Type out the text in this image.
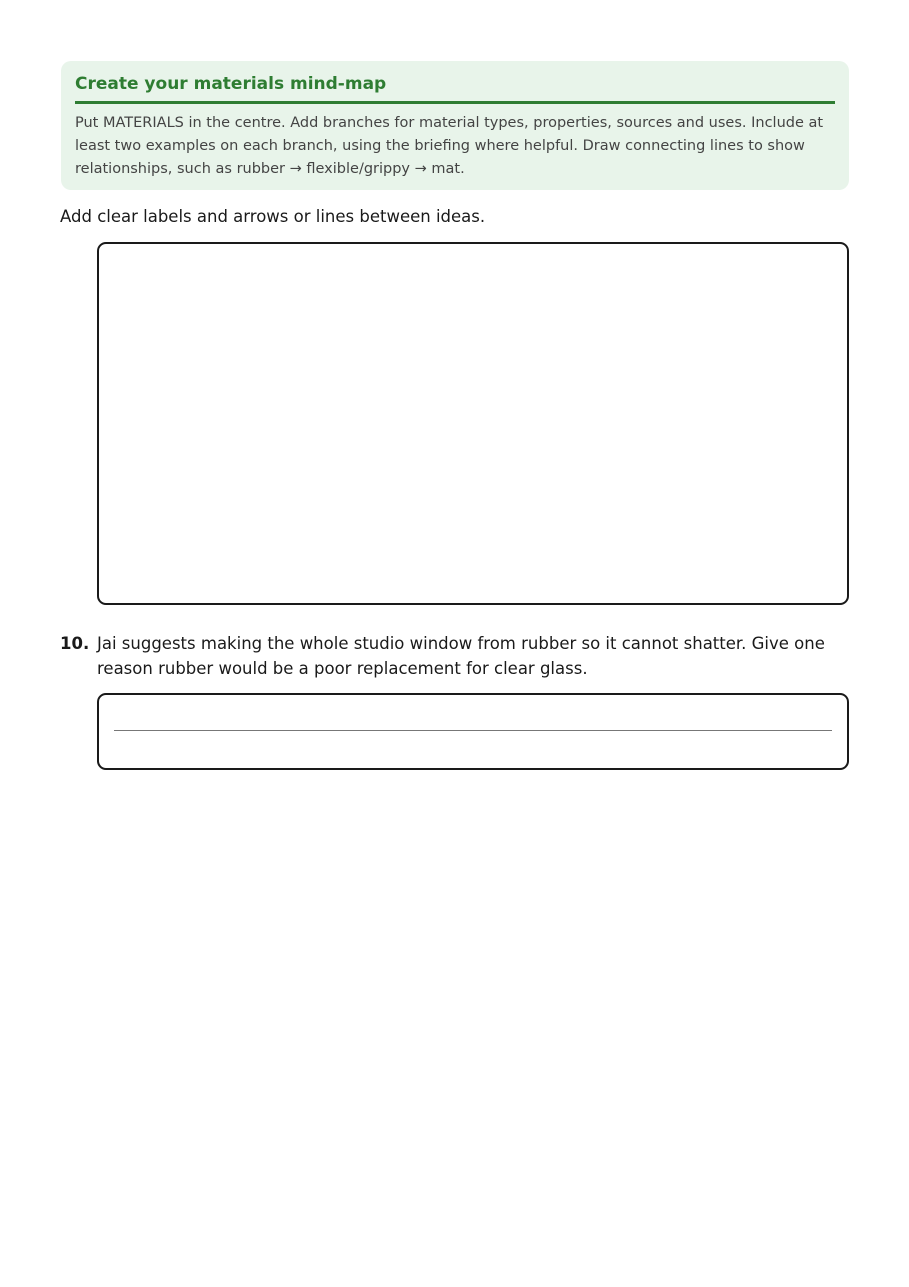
Create your materials mind-map

Put MATERIALS in the centre. Add branches for material types, properties, sources and uses. Include at least two examples on each branch, using the briefing where helpful. Draw connecting lines to show relationships, such as rubber → flexible/grippy → mat.

Add clear labels and arrows or lines between ideas.

10. Jai suggests making the whole studio window from rubber so it cannot shatter. Give one reason rubber would be a poor replacement for clear glass.
